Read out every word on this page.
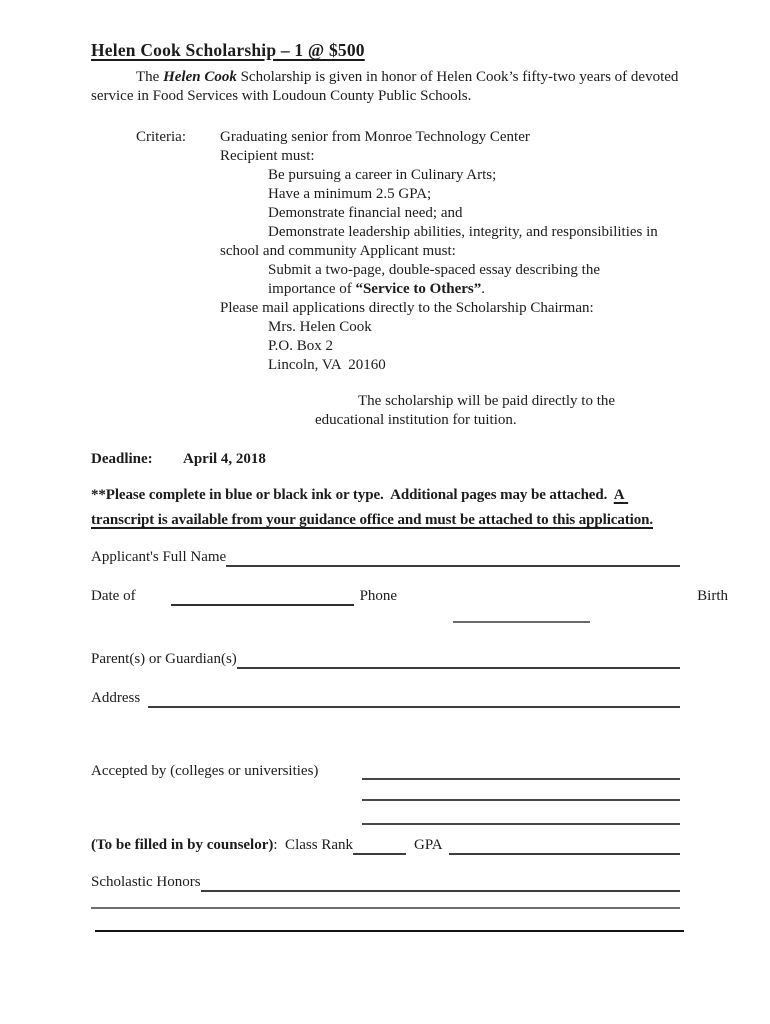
Helen Cook Scholarship – 1 @ $500

The Helen Cook Scholarship is given in honor of Helen Cook’s fifty-two years of devoted service in Food Services with Loudoun County Public Schools.

Criteria:	Graduating senior from Monroe Technology Center
Recipient must:
Be pursuing a career in Culinary Arts;
Have a minimum 2.5 GPA;
Demonstrate financial need; and
Demonstrate leadership abilities, integrity, and responsibilities in
school and community Applicant must:
Submit a two-page, double-spaced essay describing the
importance of “Service to Others”.
Please mail applications directly to the Scholarship Chairman:
Mrs. Helen Cook
P.O. Box 2
Lincoln, VA  20160
The scholarship will be paid directly to the educational institution for tuition.
Deadline:	April 4, 2018

**Please complete in blue or black ink or type.  Additional pages may be attached.  A transcript is available from your guidance office and must be attached to this application.

Applicant's Full Name
Date of	Phone	Birth
Parent(s) or Guardian(s)
Address
Accepted by (colleges or universities)
(To be filled in by counselor) :  Class Rank	GPA
Scholastic Honors
